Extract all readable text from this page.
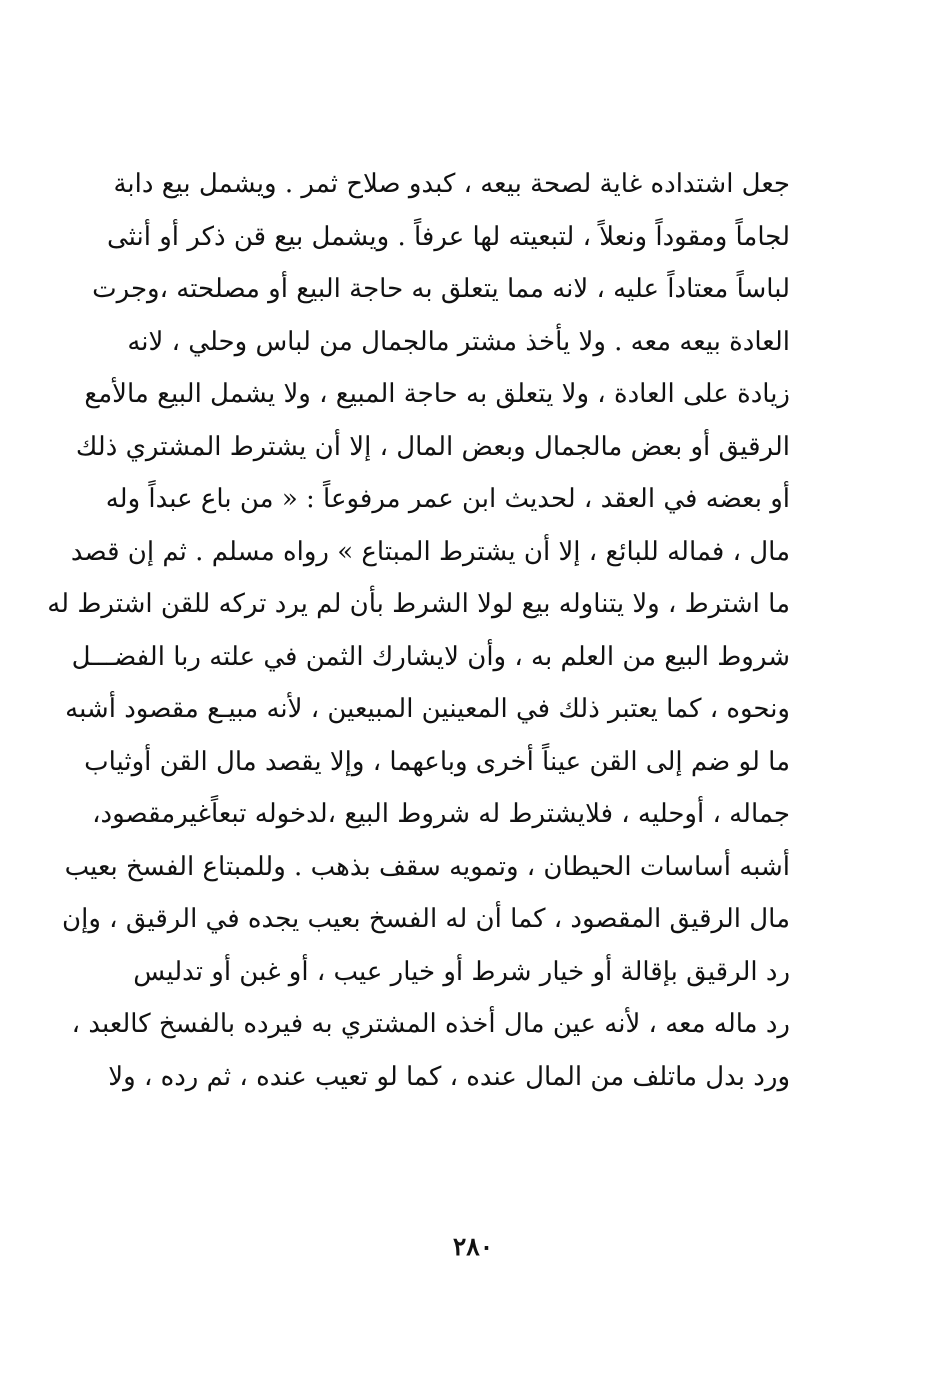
جعل اشتداده غاية لصحة بيعه ، كبدو صلاح ثمر . ويشمل بيع دابة
لجاماً ومقوداً ونعلاً ، لتبعيته لها عرفاً . ويشمل بيع قن ذكر أو أنثى
لباساً معتاداً عليه ، لانه مما يتعلق به حاجة البيع أو مصلحته ،وجرت
العادة بيعه معه . ولا يأخذ مشتر مالجمال من لباس وحلي ، لانه
زيادة على العادة ، ولا يتعلق به حاجة المبيع ، ولا يشمل البيع مالأمع
الرقيق أو بعض مالجمال وبعض المال ، إلا أن يشترط المشتري ذلك
أو بعضه في العقد ، لحديث ابن عمر مرفوعاً : « من باع عبداً وله
مال ، فماله للبائع ، إلا أن يشترط المبتاع » رواه مسلم . ثم إن قصد
ما اشترط ، ولا يتناوله بيع لولا الشرط بأن لم يرد تركه للقن اشترط له
شروط البيع من العلم به ، وأن لايشارك الثمن في علته ربا الفضـــل
ونحوه ، كما يعتبر ذلك في المعينين المبيعين ، لأنه مبيـع مقصود أشبه
ما لو ضم إلى القن عيناً أخرى وباعهما ، وإلا يقصد مال القن أوثياب
جماله ، أوحليه ، فلايشترط له شروط البيع ،لدخوله تبعاًغيرمقصود،
أشبه أساسات الحيطان ، وتمويه سقف بذهب . وللمبتاع الفسخ بعيب
مال الرقيق المقصود ، كما أن له الفسخ بعيب يجده في الرقيق ، وإن
رد الرقيق بإقالة أو خيار شرط أو خيار عيب ، أو غبن أو تدليس
رد ماله معه ، لأنه عين مال أخذه المشتري به فيرده بالفسخ كالعبد ،
ورد بدل ماتلف من المال عنده ، كما لو تعيب عنده ، ثم رده ، ولا
٢٨٠
